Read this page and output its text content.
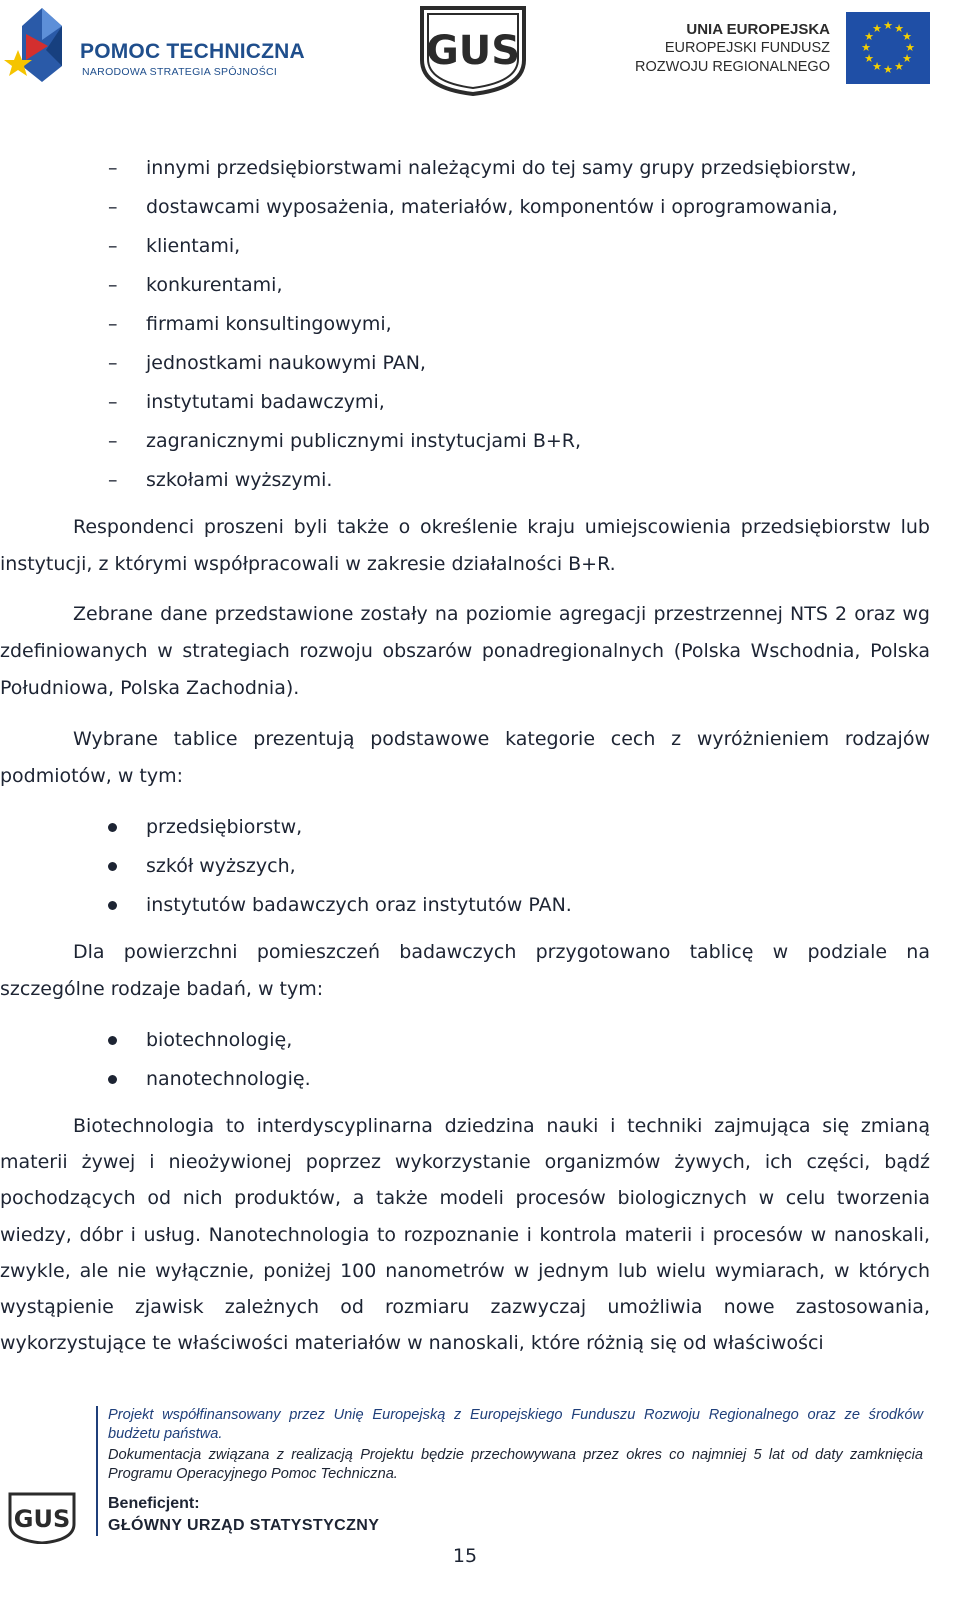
POMOC TECHNICZNA
NARODOWA STRATEGIA SPÓJNOŚCI	GUS	UNIA EUROPEJSKA
EUROPEJSKI FUNDUSZ
ROZWOJU REGIONALNEGO
★ ★
★
★
★
★
★
★
★
★
★
★
– innymi przedsiębiorstwami należącymi do tej samy grupy przedsiębiorstw,
– dostawcami wyposażenia, materiałów, komponentów i oprogramowania,
– klientami,
– konkurentami,
– firmami konsultingowymi,
– jednostkami naukowymi PAN,
– instytutami badawczymi,
– zagranicznymi publicznymi instytucjami B+R,
– szkołami wyższymi.

Respondenci proszeni byli także o określenie kraju umiejscowienia przedsiębiorstw lub instytucji, z którymi współpracowali w zakresie działalności B+R.

Zebrane dane przedstawione zostały na poziomie agregacji przestrzennej NTS 2 oraz wg zdefiniowanych w strategiach rozwoju obszarów ponadregionalnych (Polska Wschodnia, Polska Południowa, Polska Zachodnia).

Wybrane tablice prezentują podstawowe kategorie cech z wyróżnieniem rodzajów podmiotów, w tym:

przedsiębiorstw,
szkół wyższych,
instytutów badawczych oraz instytutów PAN.

Dla powierzchni pomieszczeń badawczych przygotowano tablicę w podziale na szczególne rodzaje badań, w tym:

biotechnologię,
nanotechnologię.

Biotechnologia to interdyscyplinarna dziedzina nauki i techniki zajmująca się zmianą materii żywej i nieożywionej poprzez wykorzystanie organizmów żywych, ich części, bądź pochodzących od nich produktów, a także modeli procesów biologicznych w celu tworzenia wiedzy, dóbr i usług. Nanotechnologia to rozpoznanie i kontrola materii i procesów w nanoskali, zwykle, ale nie wyłącznie, poniżej 100 nanometrów w jednym lub wielu wymiarach, w których wystąpienie zjawisk zależnych od rozmiaru zazwyczaj umożliwia nowe zastosowania, wykorzystujące te właściwości materiałów w nanoskali, które różnią się od właściwości

Projekt współfinansowany przez Unię Europejską z Europejskiego Funduszu Rozwoju Regionalnego oraz ze środków budżetu państwa.

Dokumentacja związana z realizacją Projektu będzie przechowywana przez okres co najmniej 5 lat od daty zamknięcia Programu Operacyjnego Pomoc Techniczna.

Beneficjent:
GŁÓWNY URZĄD STATYSTYCZNY
GUS
15
